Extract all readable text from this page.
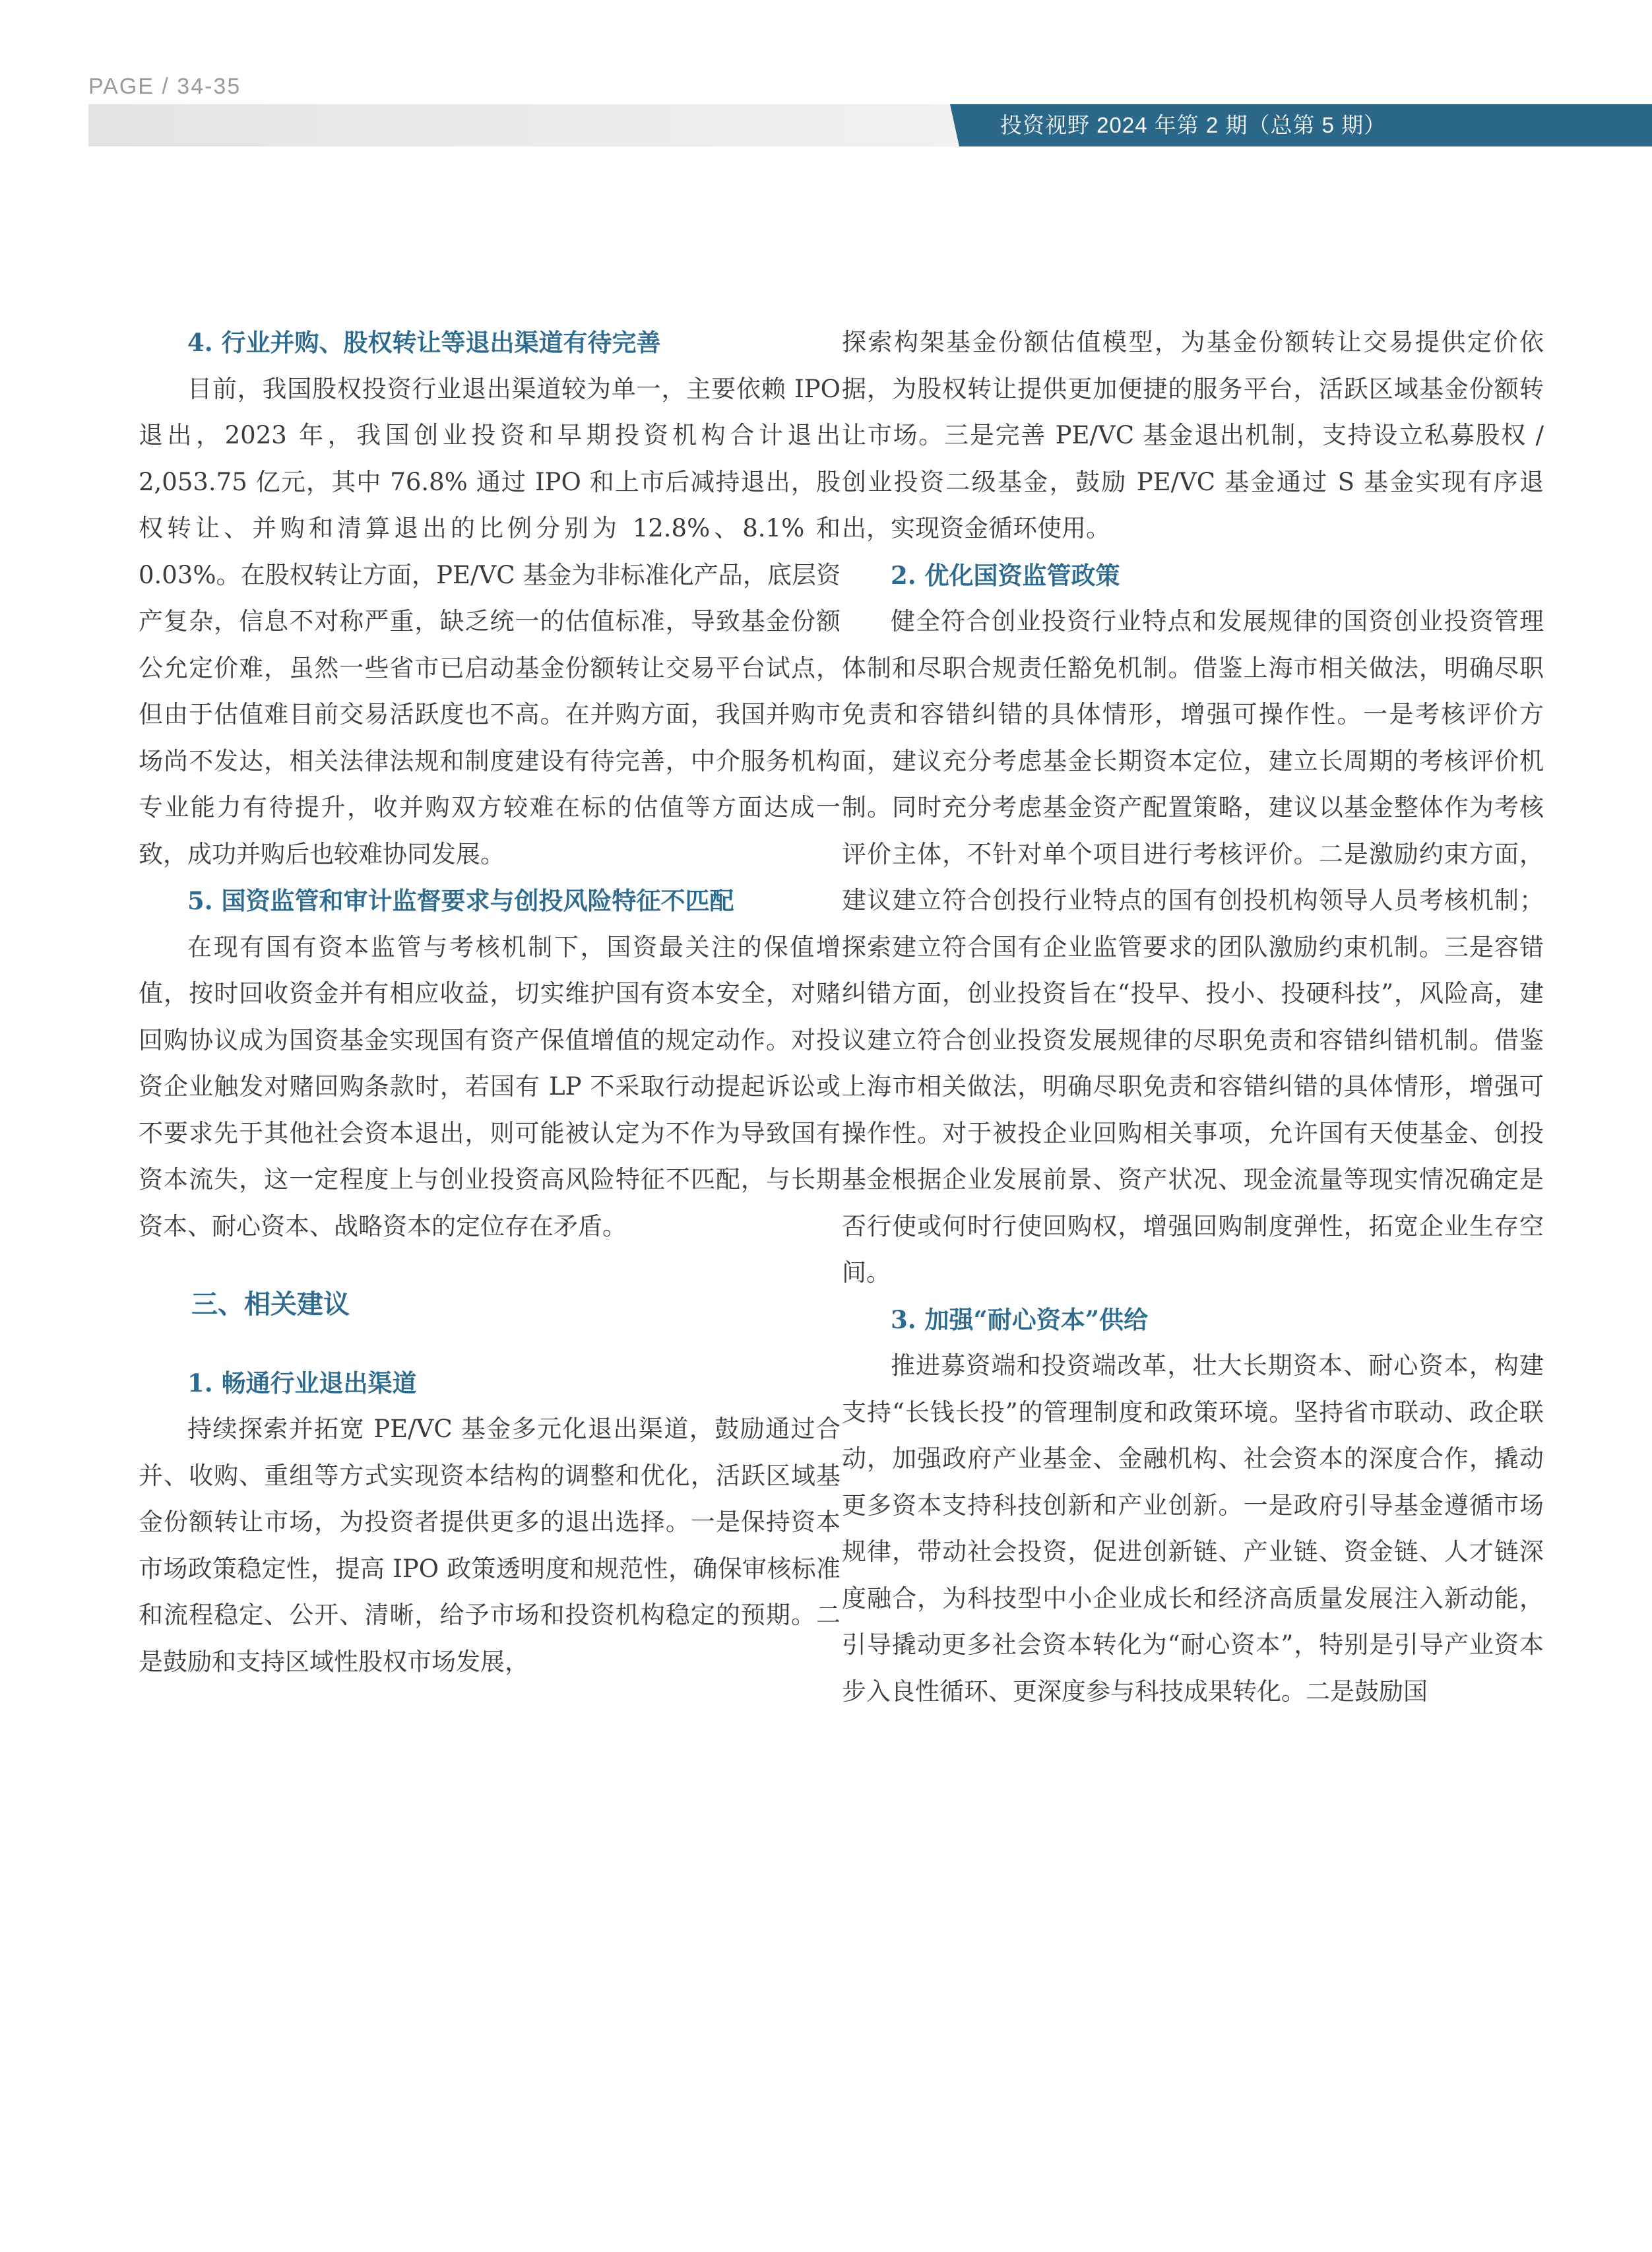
PAGE / 34-35
投资视野 2024 年第 2 期（总第 5 期）

4. 行业并购、股权转让等退出渠道有待完善

目前，我国股权投资行业退出渠道较为单一，主要依赖 IPO 退出，2023 年，我国创业投资和早期投资机构合计退出 2,053.75 亿元，其中 76.8% 通过 IPO 和上市后减持退出，股权转让、并购和清算退出的比例分别为 12.8%、8.1% 和 0.03%。在股权转让方面，PE/VC 基金为非标准化产品，底层资产复杂，信息不对称严重，缺乏统一的估值标准，导致基金份额公允定价难，虽然一些省市已启动基金份额转让交易平台试点，但由于估值难目前交易活跃度也不高。在并购方面，我国并购市场尚不发达，相关法律法规和制度建设有待完善，中介服务机构专业能力有待提升，收并购双方较难在标的估值等方面达成一致，成功并购后也较难协同发展。

5. 国资监管和审计监督要求与创投风险特征不匹配

在现有国有资本监管与考核机制下，国资最关注的保值增值，按时回收资金并有相应收益，切实维护国有资本安全，对赌回购协议成为国资基金实现国有资产保值增值的规定动作。对投资企业触发对赌回购条款时，若国有 LP 不采取行动提起诉讼或不要求先于其他社会资本退出，则可能被认定为不作为导致国有资本流失，这一定程度上与创业投资高风险特征不匹配，与长期资本、耐心资本、战略资本的定位存在矛盾。

三、相关建议

1. 畅通行业退出渠道

持续探索并拓宽 PE/VC 基金多元化退出渠道，鼓励通过合并、收购、重组等方式实现资本结构的调整和优化，活跃区域基金份额转让市场，为投资者提供更多的退出选择。一是保持资本市场政策稳定性，提高 IPO 政策透明度和规范性，确保审核标准和流程稳定、公开、清晰，给予市场和投资机构稳定的预期。二是鼓励和支持区域性股权市场发展，

探索构架基金份额估值模型，为基金份额转让交易提供定价依据，为股权转让提供更加便捷的服务平台，活跃区域基金份额转让市场。三是完善 PE/VC 基金退出机制，支持设立私募股权 / 创业投资二级基金，鼓励 PE/VC 基金通过 S 基金实现有序退出，实现资金循环使用。

2. 优化国资监管政策

健全符合创业投资行业特点和发展规律的国资创业投资管理体制和尽职合规责任豁免机制。借鉴上海市相关做法，明确尽职免责和容错纠错的具体情形，增强可操作性。一是考核评价方面，建议充分考虑基金长期资本定位，建立长周期的考核评价机制。同时充分考虑基金资产配置策略，建议以基金整体作为考核评价主体，不针对单个项目进行考核评价。二是激励约束方面，建议建立符合创投行业特点的国有创投机构领导人员考核机制；探索建立符合国有企业监管要求的团队激励约束机制。三是容错纠错方面，创业投资旨在“投早、投小、投硬科技”，风险高，建议建立符合创业投资发展规律的尽职免责和容错纠错机制。借鉴上海市相关做法，明确尽职免责和容错纠错的具体情形，增强可操作性。对于被投企业回购相关事项，允许国有天使基金、创投基金根据企业发展前景、资产状况、现金流量等现实情况确定是否行使或何时行使回购权，增强回购制度弹性，拓宽企业生存空间。

3. 加强“耐心资本”供给

推进募资端和投资端改革，壮大长期资本、耐心资本，构建支持“长钱长投”的管理制度和政策环境。坚持省市联动、政企联动，加强政府产业基金、金融机构、社会资本的深度合作，撬动更多资本支持科技创新和产业创新。一是政府引导基金遵循市场规律，带动社会投资，促进创新链、产业链、资金链、人才链深度融合，为科技型中小企业成长和经济高质量发展注入新动能，引导撬动更多社会资本转化为“耐心资本”，特别是引导产业资本步入良性循环、更深度参与科技成果转化。二是鼓励国
